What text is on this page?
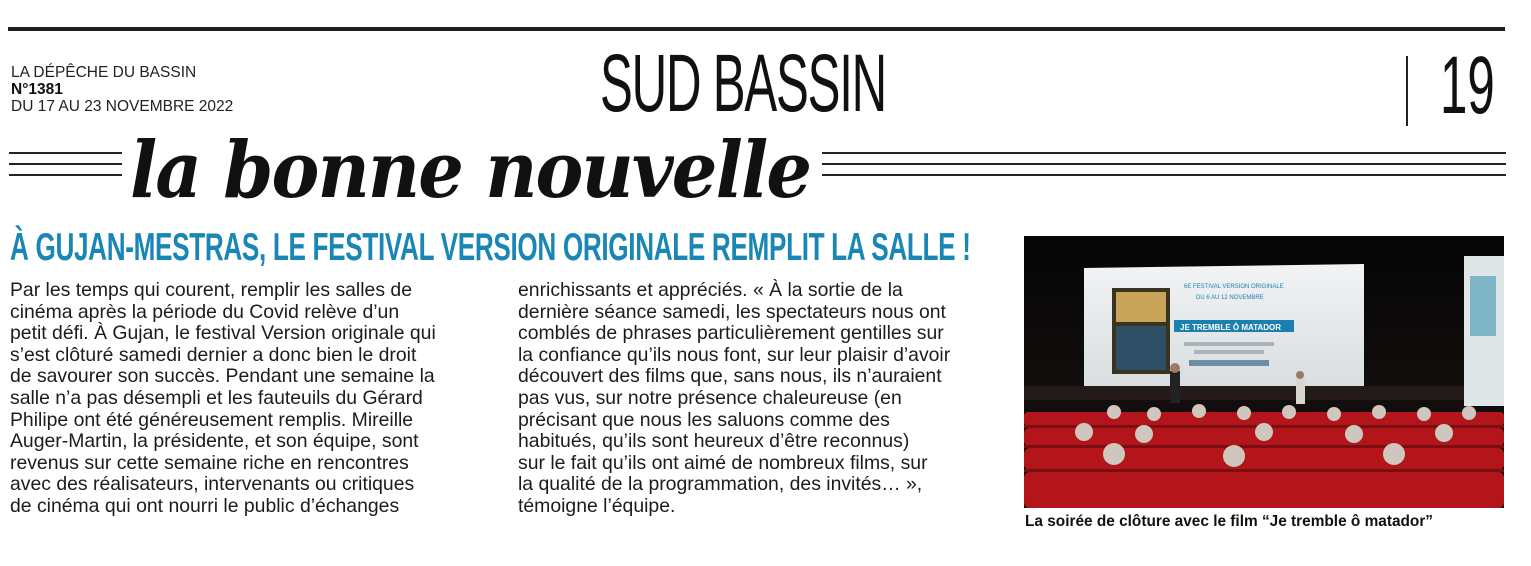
LA DÉPÊCHE DU BASSIN
N°1381
DU 17 AU 23 NOVEMBRE 2022	SUD BASSIN	19
la bonne nouvelle
À GUJAN-MESTRAS, LE FESTIVAL VERSION ORIGINALE REMPLIT LA SALLE !
Par les temps qui courent, remplir les salles de
cinéma après la période du Covid relève d’un
petit défi. À Gujan, le festival Version originale qui
s’est clôturé samedi dernier a donc bien le droit
de savourer son succès. Pendant une semaine la
salle n’a pas désempli et les fauteuils du Gérard
Philipe ont été généreusement remplis. Mireille
Auger-Martin, la présidente, et son équipe, sont
revenus sur cette semaine riche en rencontres
avec des réalisateurs, intervenants ou critiques
de cinéma qui ont nourri le public d’échanges
enrichissants et appréciés. « À la sortie de la
dernière séance samedi, les spectateurs nous ont
comblés de phrases particulièrement gentilles sur
la confiance qu’ils nous font, sur leur plaisir d’avoir
découvert des films que, sans nous, ils n’auraient
pas vus, sur notre présence chaleureuse (en
précisant que nous les saluons comme des
habitués, qu’ils sont heureux d’être reconnus)
sur le fait qu’ils ont aimé de nombreux films, sur
la qualité de la programmation, des invités… »,
témoigne l’équipe.
6E FESTIVAL VERSION ORIGINALE
DU 6 AU 12 NOVEMBRE
JE TREMBLE Ô MATADOR
La soirée de clôture avec le film “Je tremble ô matador”
